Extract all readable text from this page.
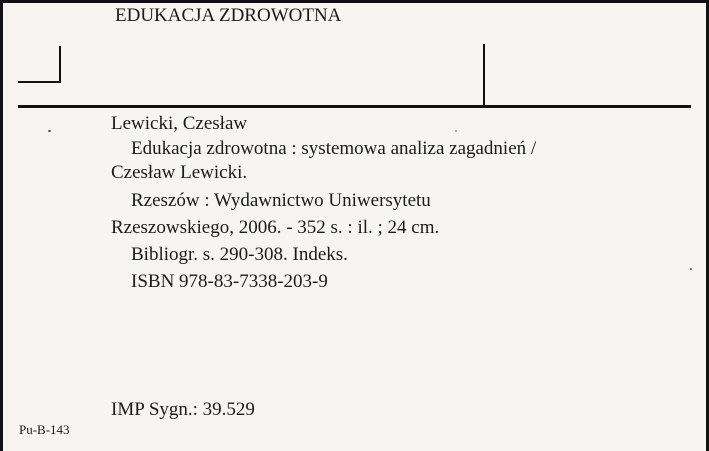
EDUKACJA ZDROWOTNA
Lewicki, Czesław
Edukacja zdrowotna : systemowa analiza zagadnień /
Czesław Lewicki.
Rzeszów : Wydawnictwo Uniwersytetu
Rzeszowskiego, 2006. - 352 s. : il. ; 24 cm.
Bibliogr. s. 290-308. Indeks.
ISBN 978-83-7338-203-9
IMP Sygn.: 39.529
Pu-B-143
